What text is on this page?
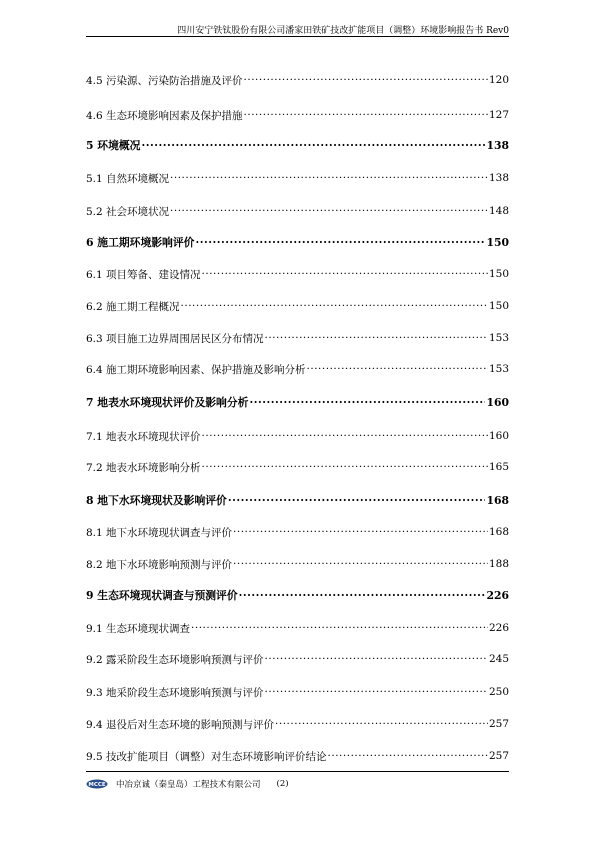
四川安宁铁钛股份有限公司潘家田铁矿技改扩能项目（调整）环境影响报告书 Rev0
4.5 污染源、污染防治措施及评价 ·····	120
4.6 生态环境影响因素及保护措施 ·····	127
5 环境概况 ·····	138
5.1 自然环境概况 ·····	138
5.2 社会环境状况 ·····	148
6 施工期环境影响评价 ·····	150
6.1 项目筹备、建设情况 ·····	150
6.2 施工期工程概况 ·····	150
6.3 项目施工边界周围居民区分布情况 ·····	153
6.4 施工期环境影响因素、保护措施及影响分析 ·····	153
7 地表水环境现状评价及影响分析 ·····	160
7.1 地表水环境现状评价 ·····	160
7.2 地表水环境影响分析 ·····	165
8 地下水环境现状及影响评价 ·····	168
8.1 地下水环境现状调查与评价 ·····	168
8.2 地下水环境影响预测与评价 ·····	188
9 生态环境现状调查与预测评价 ·····	226
9.1 生态环境现状调查 ·····	226
9.2 露采阶段生态环境影响预测与评价 ·····	245
9.3 地采阶段生态环境影响预测与评价 ·····	250
9.4 退役后对生态环境的影响预测与评价 ·····	257
9.5 技改扩能项目（调整）对生态环境影响评价结论 ·····	257
MCCE 中冶京诚（秦皇岛）工程技术有限公司 (2)
